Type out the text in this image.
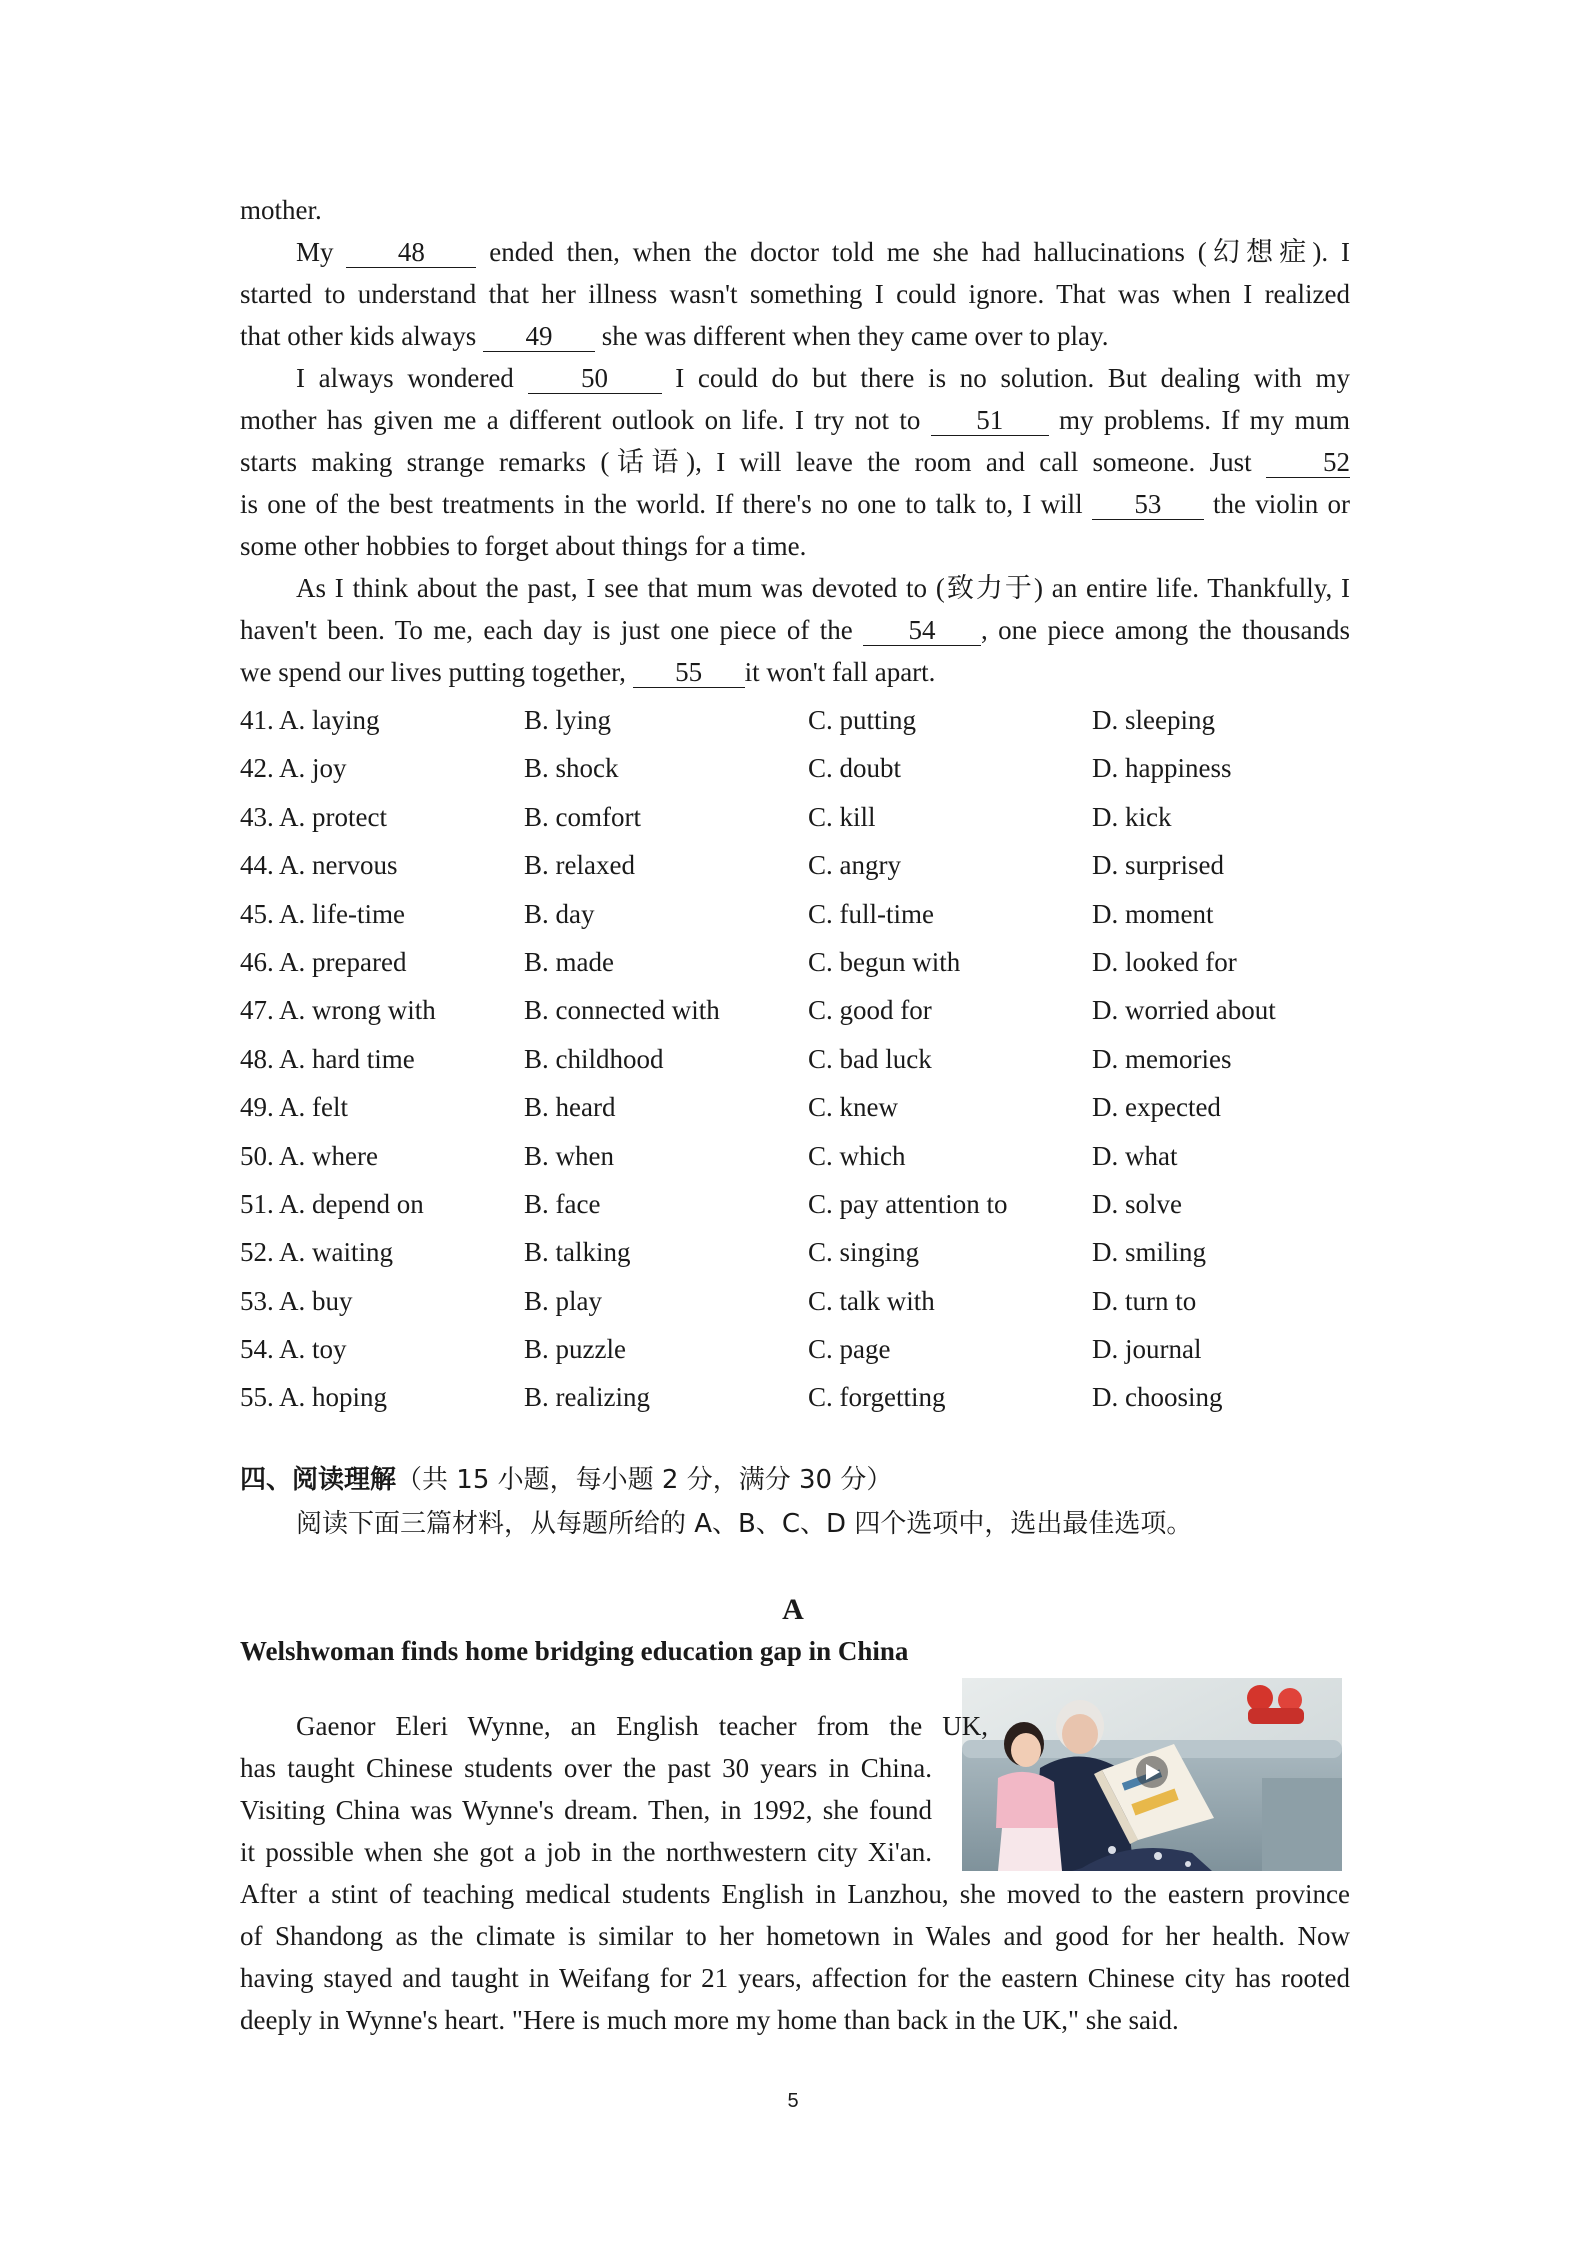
mother.
My 48 ended then, when the doctor told me she had hallucinations (幻想症). I
started to understand that her illness wasn't something I could ignore. That was when I realized
that other kids always 49 she was different when they came over to play.
I always wondered 50 I could do but there is no solution. But dealing with my
mother has given me a different outlook on life. I try not to 51 my problems. If my mum
starts making strange remarks (话语), I will leave the room and call someone. Just 52
is one of the best treatments in the world. If there's no one to talk to, I will 53 the violin or
some other hobbies to forget about things for a time.
As I think about the past, I see that mum was devoted to (致力于) an entire life. Thankfully, I
haven't been. To me, each day is just one piece of the 54 , one piece among the thousands
we spend our lives putting together, 55 it won't fall apart.
41. A. laying	B. lying	C. putting	D. sleeping
42. A. joy	B. shock	C. doubt	D. happiness
43. A. protect	B. comfort	C. kill	D. kick
44. A. nervous	B. relaxed	C. angry	D. surprised
45. A. life-time	B. day	C. full-time	D. moment
46. A. prepared	B. made	C. begun with	D. looked for
47. A. wrong with	B. connected with	C. good for	D. worried about
48. A. hard time	B. childhood	C. bad luck	D. memories
49. A. felt	B. heard	C. knew	D. expected
50. A. where	B. when	C. which	D. what
51. A. depend on	B. face	C. pay attention to	D. solve
52. A. waiting	B. talking	C. singing	D. smiling
53. A. buy	B. play	C. talk with	D. turn to
54. A. toy	B. puzzle	C. page	D. journal
55. A. hoping	B. realizing	C. forgetting	D. choosing
四、阅读理解（共 15 小题，每小题 2 分，满分 30 分）
阅读下面三篇材料，从每题所给的 A、B、C、D 四个选项中，选出最佳选项。
A
Welshwoman finds home bridging education gap in China
Gaenor Eleri Wynne, an English teacher from the UK,
has taught Chinese students over the past 30 years in China.
Visiting China was Wynne's dream. Then, in 1992, she found
it possible when she got a job in the northwestern city Xi'an.
After a stint of teaching medical students English in Lanzhou, she moved to the eastern province
of Shandong as the climate is similar to her hometown in Wales and good for her health. Now
having stayed and taught in Weifang for 21 years, affection for the eastern Chinese city has rooted
deeply in Wynne's heart. "Here is much more my home than back in the UK," she said.
5
